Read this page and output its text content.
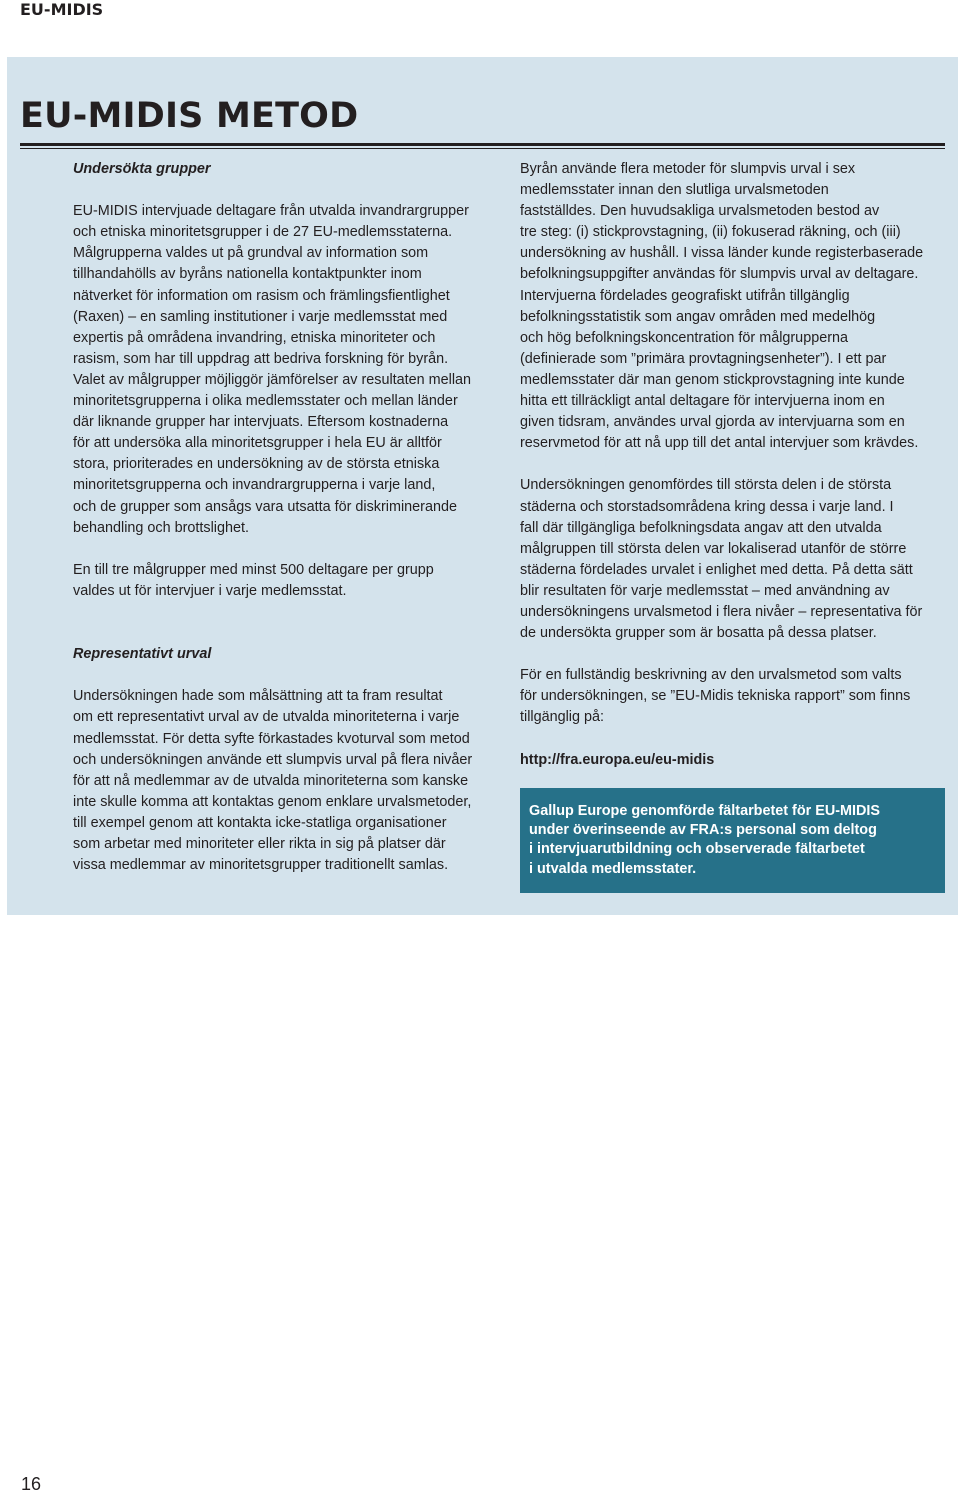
EU-MIDIS
EU-MIDIS METOD

Undersökta grupper

EU-MIDIS intervjuade deltagare från utvalda invandrargrupper
och etniska minoritetsgrupper i de 27 EU-medlemsstaterna.
Målgrupperna valdes ut på grundval av information som
tillhandahölls av byråns nationella kontaktpunkter inom
nätverket för information om rasism och främlingsfientlighet
(Raxen) – en samling institutioner i varje medlemsstat med
expertis på områdena invandring, etniska minoriteter och
rasism, som har till uppdrag att bedriva forskning för byrån.
Valet av målgrupper möjliggör jämförelser av resultaten mellan
minoritetsgrupperna i olika medlemsstater och mellan länder
där liknande grupper har intervjuats. Eftersom kostnaderna
för att undersöka alla minoritetsgrupper i hela EU är alltför
stora, prioriterades en undersökning av de största etniska
minoritetsgrupperna och invandrargrupperna i varje land,
och de grupper som ansågs vara utsatta för diskriminerande
behandling och brottslighet.

En till tre målgrupper med minst 500 deltagare per grupp
valdes ut för intervjuer i varje medlemsstat.

Representativt urval

Undersökningen hade som målsättning att ta fram resultat
om ett representativt urval av de utvalda minoriteterna i varje
medlemsstat. För detta syfte förkastades kvoturval som metod
och undersökningen använde ett slumpvis urval på flera nivåer
för att nå medlemmar av de utvalda minoriteterna som kanske
inte skulle komma att kontaktas genom enklare urvalsmetoder,
till exempel genom att kontakta icke-statliga organisationer
som arbetar med minoriteter eller rikta in sig på platser där
vissa medlemmar av minoritetsgrupper traditionellt samlas.

Byrån använde flera metoder för slumpvis urval i sex
medlemsstater innan den slutliga urvalsmetoden
fastställdes. Den huvudsakliga urvalsmetoden bestod av
tre steg: (i) stickprovstagning, (ii) fokuserad räkning, och (iii)
undersökning av hushåll. I vissa länder kunde registerbaserade
befolkningsuppgifter användas för slumpvis urval av deltagare.
Intervjuerna fördelades geografiskt utifrån tillgänglig
befolkningsstatistik som angav områden med medelhög
och hög befolkningskoncentration för målgrupperna
(definierade som ”primära provtagningsenheter”). I ett par
medlemsstater där man genom stickprovstagning inte kunde
hitta ett tillräckligt antal deltagare för intervjuerna inom en
given tidsram, användes urval gjorda av intervjuarna som en
reservmetod för att nå upp till det antal intervjuer som krävdes.

Undersökningen genomfördes till största delen i de största
städerna och storstadsområdena kring dessa i varje land. I
fall där tillgängliga befolkningsdata angav att den utvalda
målgruppen till största delen var lokaliserad utanför de större
städerna fördelades urvalet i enlighet med detta. På detta sätt
blir resultaten för varje medlemsstat – med användning av
undersökningens urvalsmetod i flera nivåer – representativa för
de undersökta grupper som är bosatta på dessa platser.

För en fullständig beskrivning av den urvalsmetod som valts
för undersökningen, se ”EU-Midis tekniska rapport” som finns
tillgänglig på:

http://fra.europa.eu/eu-midis

Gallup Europe genomförde fältarbetet för EU-MIDIS
under överinseende av FRA:s personal som deltog
i intervjuarutbildning och observerade fältarbetet
i utvalda medlemsstater.
16
